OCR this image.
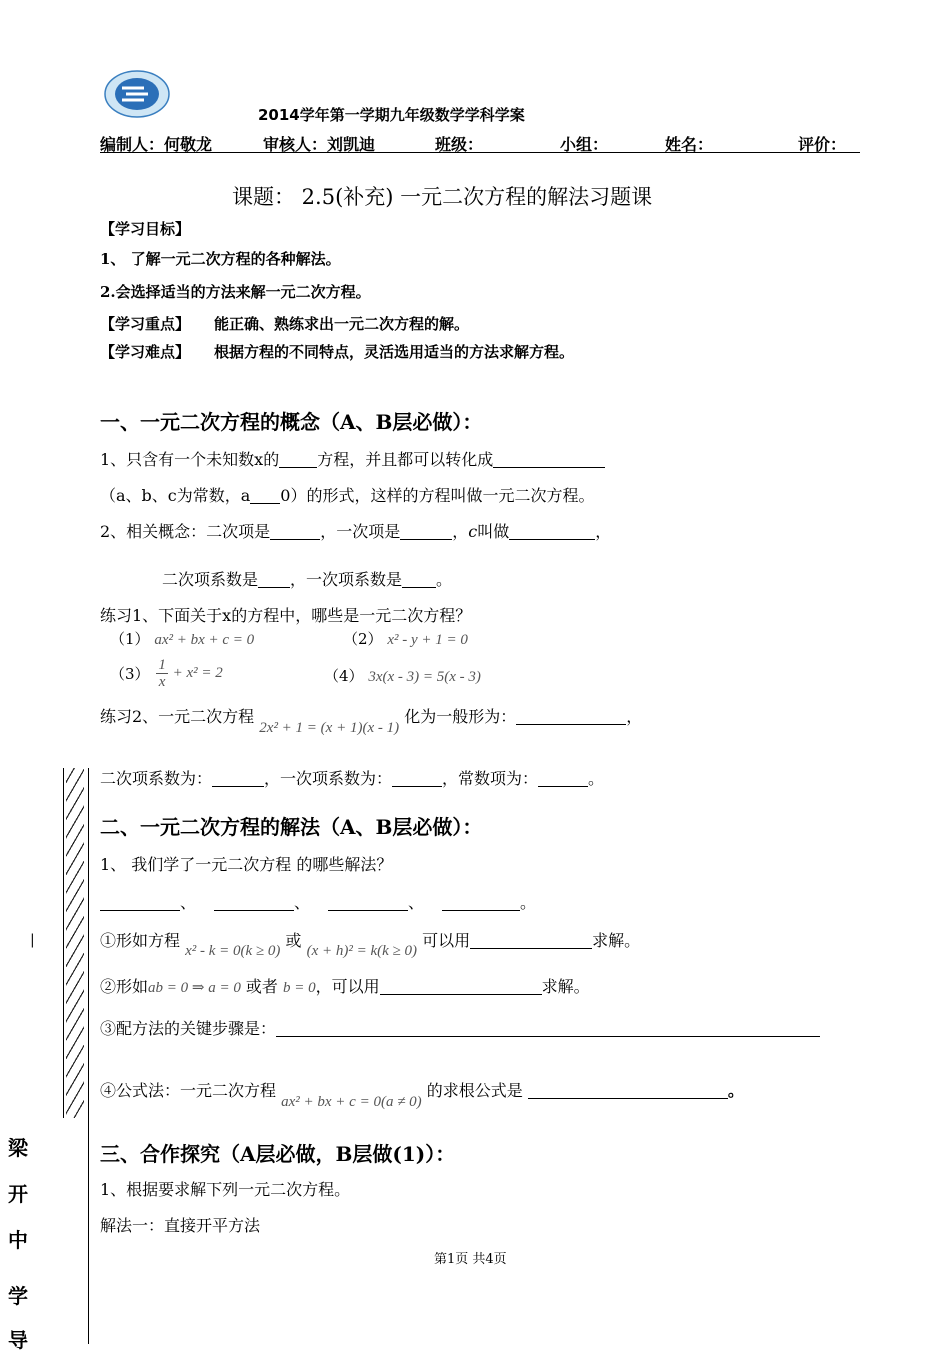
2014学年第一学期九年级数学学科学案
编制人：何敬龙	审核人：刘凯迪	班级：	小组：	姓名：	评价：
课题： 2.5(补充) 一元二次方程的解法习题课
【学习目标】
1、 了解一元二次方程的各种解法。
2.会选择适当的方法来解一元二次方程。
【学习重点】 能正确、熟练求出一元二次方程的解。
【学习难点】 根据方程的不同特点，灵活选用适当的方法求解方程。
一、一元二次方程的概念（A、B层必做）：
1、只含有一个未知数x的 方程，并且都可以转化成
（a、b、c为常数，a 0）的形式，这样的方程叫做一元二次方程。
2、相关概念：二次项是	，一次项是	，c叫做	，
二次项系数是 ，一次项系数是 。
练习1、下面关于x的方程中，哪些是一元二次方程？
（1） ax² + bx + c = 0	（2） x² - y + 1 = 0
$(3) \frac{1}{x} + x^2 = 2$	（4） 3x(x - 3) = 5(x - 3)
练习2、一元二次方程 2x² + 1 = (x + 1)(x - 1) 化为一般形为：	，
二次项系数为：	，一次项系数为：	，常数项为：	。
二、一元二次方程的解法（A、B层必做）：
1、 我们学了一元二次方程 的哪些解法？
、	、	、	。
①形如方程 x² - k = 0(k ≥ 0) 或 (x + h)² = k(k ≥ 0) 可以用	求解。
②形如ab = 0 ⇒ a = 0 或者 b = 0，可以用	求解。
③配方法的关键步骤是：
④公式法：一元二次方程 ax² + bx + c = 0(a ≠ 0) 的求根公式是	。
三、合作探究（A层必做，B层做(1)）：
1、根据要求解下列一元二次方程。
解法一：直接开平方法
第1页 共4页
|
梁
开
中
学
导
